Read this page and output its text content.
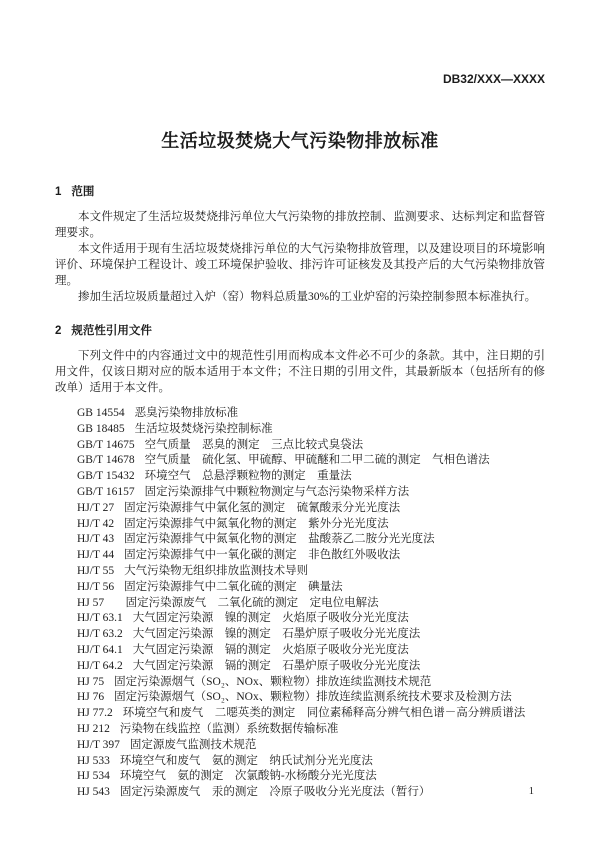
DB32/XXX—XXXX
生活垃圾焚烧大气污染物排放标准
1 范围

本文件规定了生活垃圾焚烧排污单位大气污染物的排放控制、监测要求、达标判定和监督管理要求。

本文件适用于现有生活垃圾焚烧排污单位的大气污染物排放管理，以及建设项目的环境影响评价、环境保护工程设计、竣工环境保护验收、排污许可证核发及其投产后的大气污染物排放管理。

掺加生活垃圾质量超过入炉（窑）物料总质量30%的工业炉窑的污染控制参照本标准执行。

2 规范性引用文件

下列文件中的内容通过文中的规范性引用而构成本文件必不可少的条款。其中，注日期的引用文件，仅该日期对应的版本适用于本文件；不注日期的引用文件，其最新版本（包括所有的修改单）适用于本文件。

GB 14554 恶臭污染物排放标准

GB 18485 生活垃圾焚烧污染控制标准

GB/T 14675 空气质量　恶臭的测定　三点比较式臭袋法

GB/T 14678 空气质量　硫化氢、甲硫醇、甲硫醚和二甲二硫的测定　气相色谱法

GB/T 15432 环境空气　总悬浮颗粒物的测定　重量法

GB/T 16157 固定污染源排气中颗粒物测定与气态污染物采样方法

HJ/T 27 固定污染源排气中氯化氢的测定　硫氰酸汞分光光度法

HJ/T 42 固定污染源排气中氮氧化物的测定　紫外分光光度法

HJ/T 43 固定污染源排气中氮氧化物的测定　盐酸萘乙二胺分光光度法

HJ/T 44 固定污染源排气中一氧化碳的测定　非色散红外吸收法

HJ/T 55 大气污染物无组织排放监测技术导则

HJ/T 56 固定污染源排气中二氧化硫的测定　碘量法

HJ 57　固定污染源废气　二氧化硫的测定　定电位电解法

HJ/T 63.1 大气固定污染源　镍的测定　火焰原子吸收分光光度法

HJ/T 63.2 大气固定污染源　镍的测定　石墨炉原子吸收分光光度法

HJ/T 64.1 大气固定污染源　镉的测定　火焰原子吸收分光光度法

HJ/T 64.2 大气固定污染源　镉的测定　石墨炉原子吸收分光光度法

HJ 75 固定污染源烟气（SO₂、NOx、颗粒物）排放连续监测技术规范

HJ 76 固定污染源烟气（SO₂、NOx、颗粒物）排放连续监测系统技术要求及检测方法

HJ 77.2 环境空气和废气　二噁英类的测定　同位素稀释高分辨气相色谱－高分辨质谱法

HJ 212 污染物在线监控（监测）系统数据传输标准

HJ/T 397 固定源废气监测技术规范

HJ 533 环境空气和废气　氨的测定　纳氏试剂分光光度法

HJ 534 环境空气　氨的测定　次氯酸钠-水杨酸分光光度法

HJ 543 固定污染源废气　汞的测定　冷原子吸收分光光度法（暂行）	1
